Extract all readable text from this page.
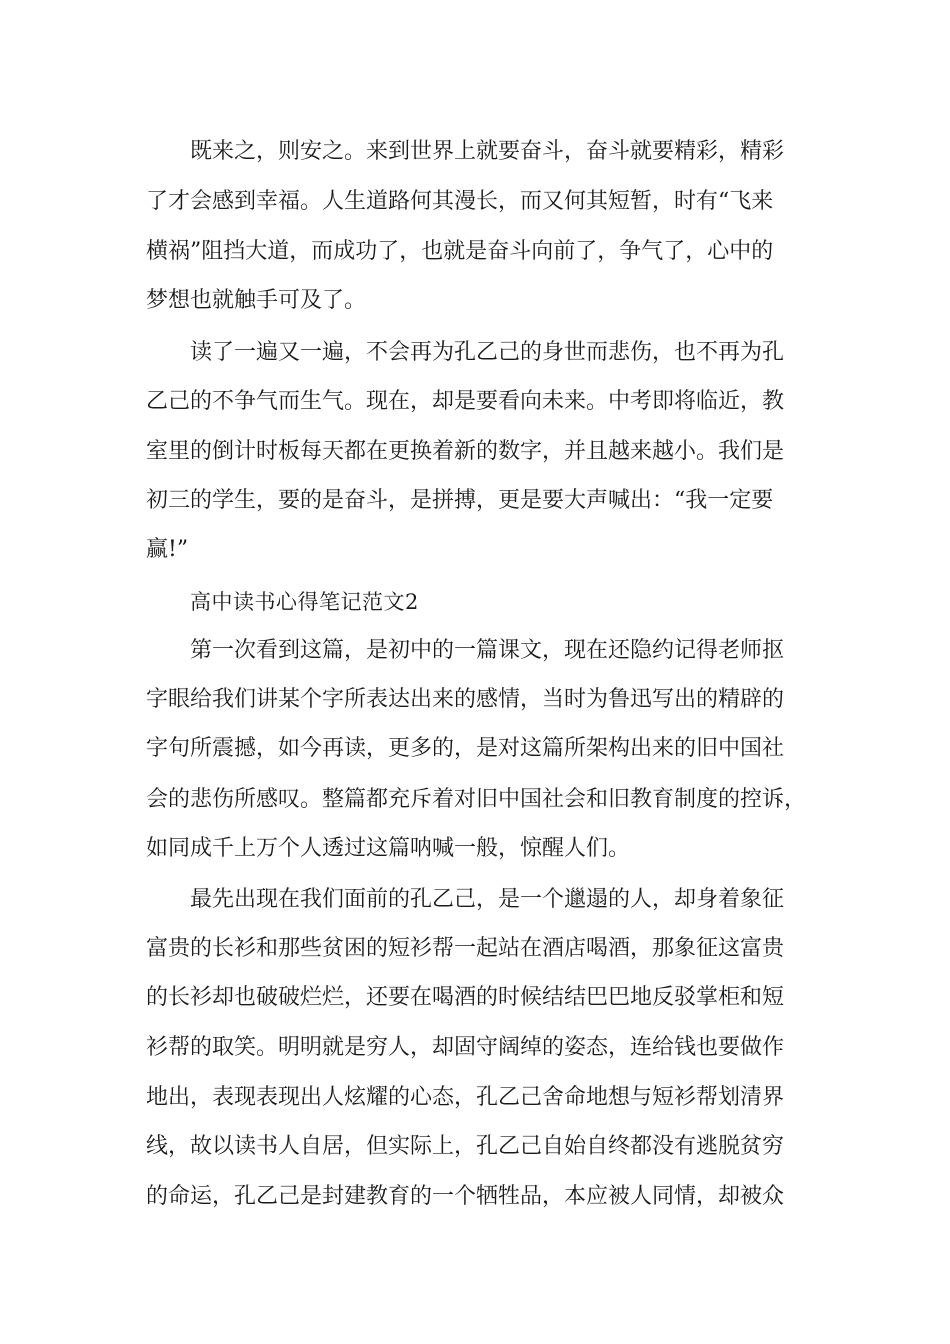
既来之，则安之。来到世界上就要奋斗，奋斗就要精彩，精彩
了才会感到幸福。人生道路何其漫长，而又何其短暂，时有“飞来
横祸”阻挡大道，而成功了，也就是奋斗向前了，争气了，心中的
梦想也就触手可及了。
读了一遍又一遍，不会再为孔乙己的身世而悲伤，也不再为孔
乙己的不争气而生气。现在，却是要看向未来。中考即将临近，教
室里的倒计时板每天都在更换着新的数字，并且越来越小。我们是
初三的学生，要的是奋斗，是拼搏，更是要大声喊出：“我一定要
赢!”
高中读书心得笔记范文2
第一次看到这篇，是初中的一篇课文，现在还隐约记得老师抠
字眼给我们讲某个字所表达出来的感情，当时为鲁迅写出的精辟的
字句所震撼，如今再读，更多的，是对这篇所架构出来的旧中国社
会的悲伤所感叹。整篇都充斥着对旧中国社会和旧教育制度的控诉，
如同成千上万个人透过这篇呐喊一般，惊醒人们。
最先出现在我们面前的孔乙己，是一个邋遢的人，却身着象征
富贵的长衫和那些贫困的短衫帮一起站在酒店喝酒，那象征这富贵
的长衫却也破破烂烂，还要在喝酒的时候结结巴巴地反驳掌柜和短
衫帮的取笑。明明就是穷人，却固守阔绰的姿态，连给钱也要做作
地出，表现表现出人炫耀的心态，孔乙己舍命地想与短衫帮划清界
线，故以读书人自居，但实际上，孔乙己自始自终都没有逃脱贫穷
的命运，孔乙己是封建教育的一个牺牲品，本应被人同情，却被众
